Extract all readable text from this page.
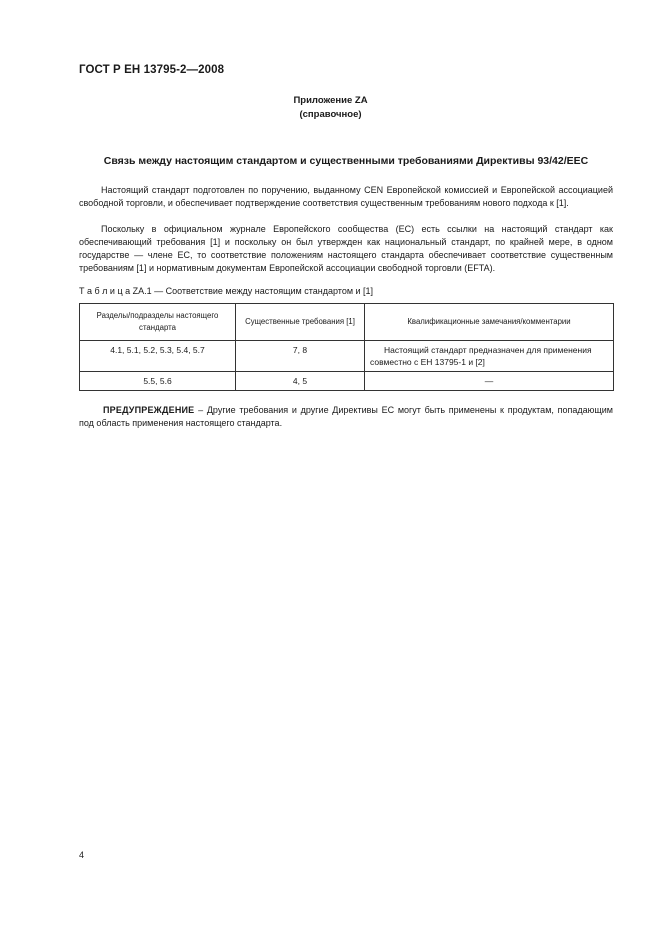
ГОСТ Р ЕН 13795-2—2008
Приложение ZA
(справочное)
Связь между настоящим стандартом и существенными требованиями Директивы 93/42/ЕЕС
Настоящий стандарт подготовлен по поручению, выданному CEN Европейской комиссией и Европейской ассоциацией свободной торговли, и обеспечивает подтверждение соответствия существенным требованиям нового подхода к [1].
Поскольку в официальном журнале Европейского сообщества (ЕС) есть ссылки на настоящий стандарт как обеспечивающий требования [1] и поскольку он был утвержден как национальный стандарт, по крайней мере, в одном государстве — члене ЕС, то соответствие положениям настоящего стандарта обеспечивает соответствие существенным требованиям [1] и нормативным документам Европейской ассоциации свободной торговли (EFTA).
Т а б л и ц а ZA.1 — Соответствие между настоящим стандартом и [1]
Разделы/подразделы настоящего стандарта	Существенные требования [1]	Квалификационные замечания/комментарии
4.1, 5.1, 5.2, 5.3, 5.4, 5.7	7, 8	Настоящий стандарт предназначен для применения совместно с ЕН 13795-1 и [2]
5.5, 5.6	4, 5	—
ПРЕДУПРЕЖДЕНИЕ – Другие требования и другие Директивы ЕС могут быть применены к продуктам, попадающим под область применения настоящего стандарта.
4
